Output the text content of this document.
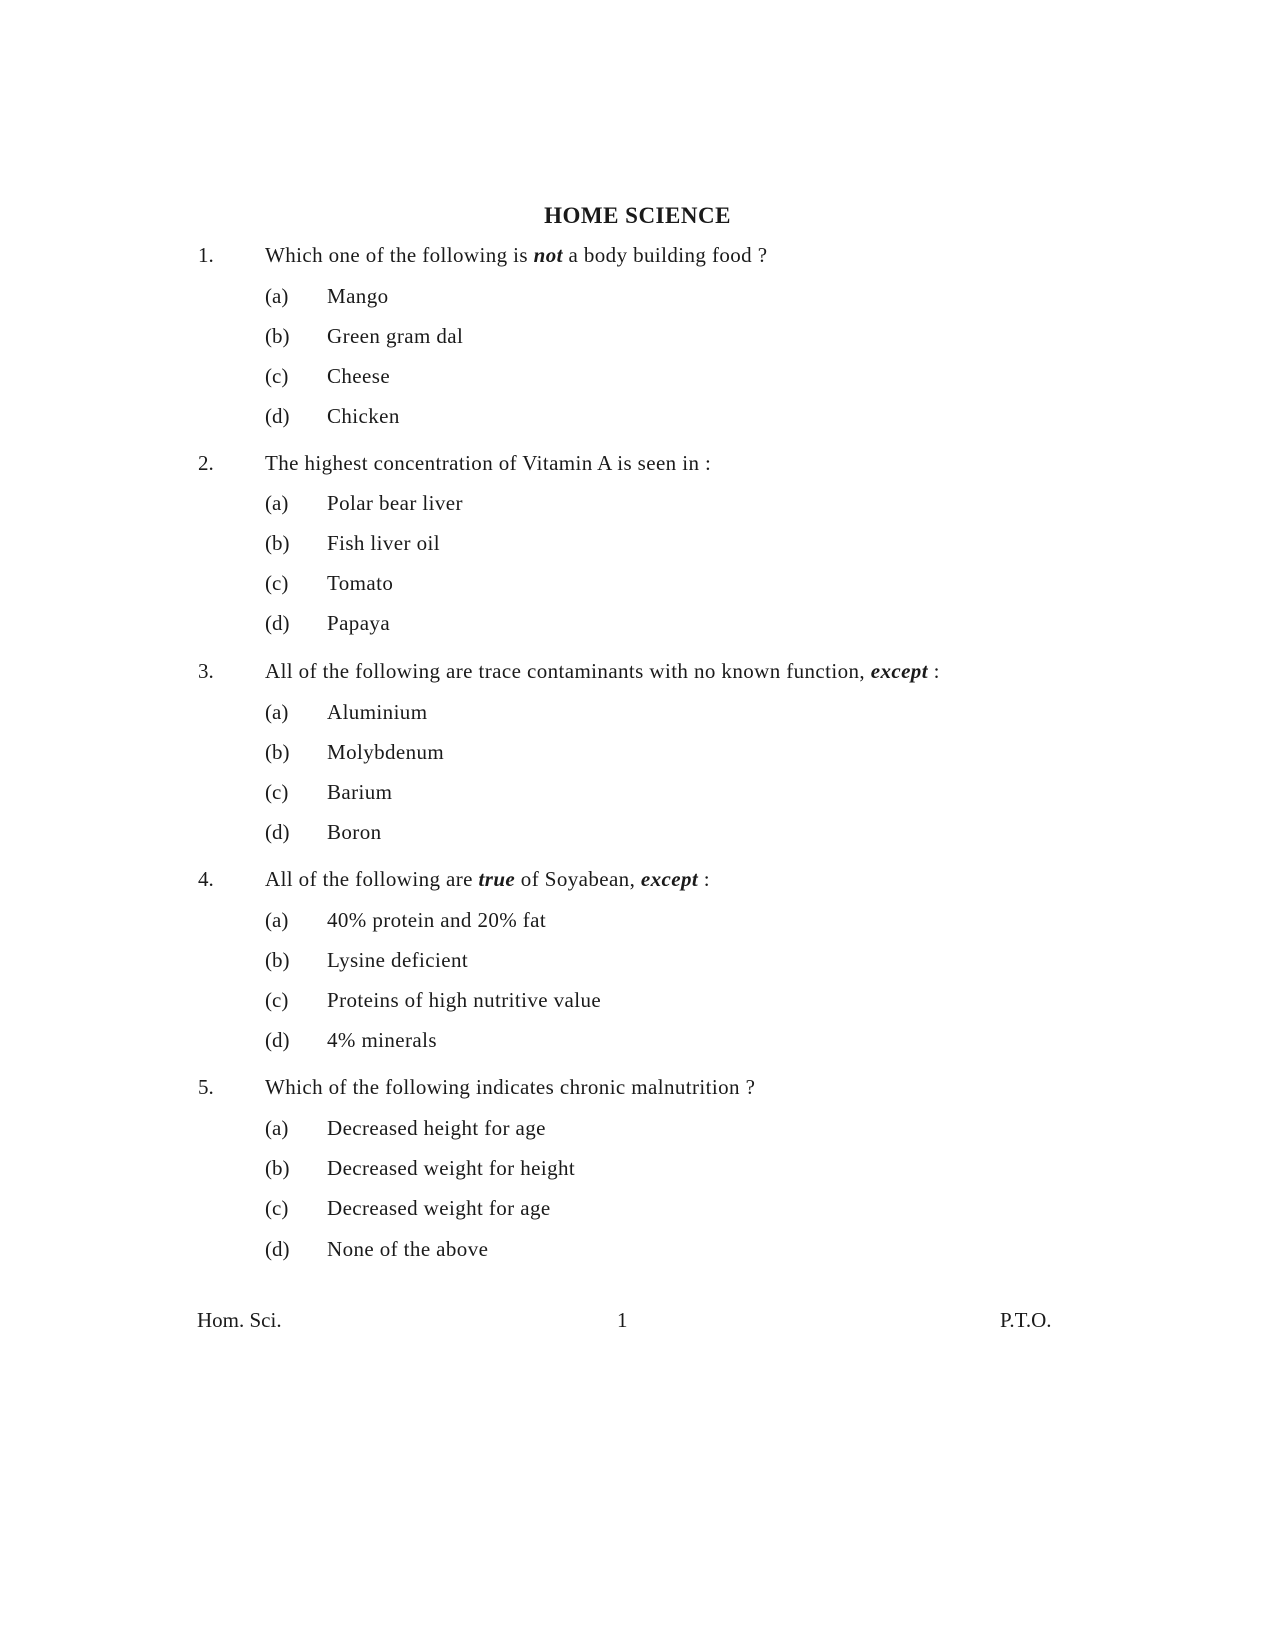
HOME SCIENCE
1. Which one of the following is not a body building food ?
(a) Mango
(b) Green gram dal
(c) Cheese
(d) Chicken
2. The highest concentration of Vitamin A is seen in :
(a) Polar bear liver
(b) Fish liver oil
(c) Tomato
(d) Papaya
3. All of the following are trace contaminants with no known function, except :
(a) Aluminium
(b) Molybdenum
(c) Barium
(d) Boron
4. All of the following are true of Soyabean, except :
(a) 40% protein and 20% fat
(b) Lysine deficient
(c) Proteins of high nutritive value
(d) 4% minerals
5. Which of the following indicates chronic malnutrition ?
(a) Decreased height for age
(b) Decreased weight for height
(c) Decreased weight for age
(d) None of the above
Hom. Sci.	1	P.T.O.
